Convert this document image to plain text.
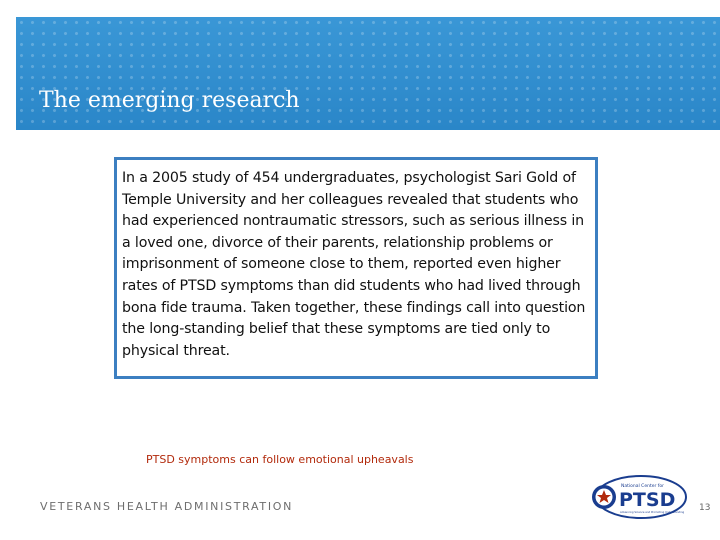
The emerging research

In a 2005 study of 454 undergraduates, psychologist Sari Gold of Temple University and her colleagues revealed that students who had experienced nontraumatic stressors, such as serious illness in a loved one, divorce of their parents, relationship problems or imprisonment of someone close to them, reported even higher rates of PTSD symptoms than did students who had lived through bona fide trauma. Taken together, these findings call into question the long-standing belief that these symptoms are tied only to physical threat.

PTSD symptoms can follow emotional upheavals
VETERANS HEALTH ADMINISTRATION
National Center for
PTSD
Advancing Science and Promoting Understanding 13
